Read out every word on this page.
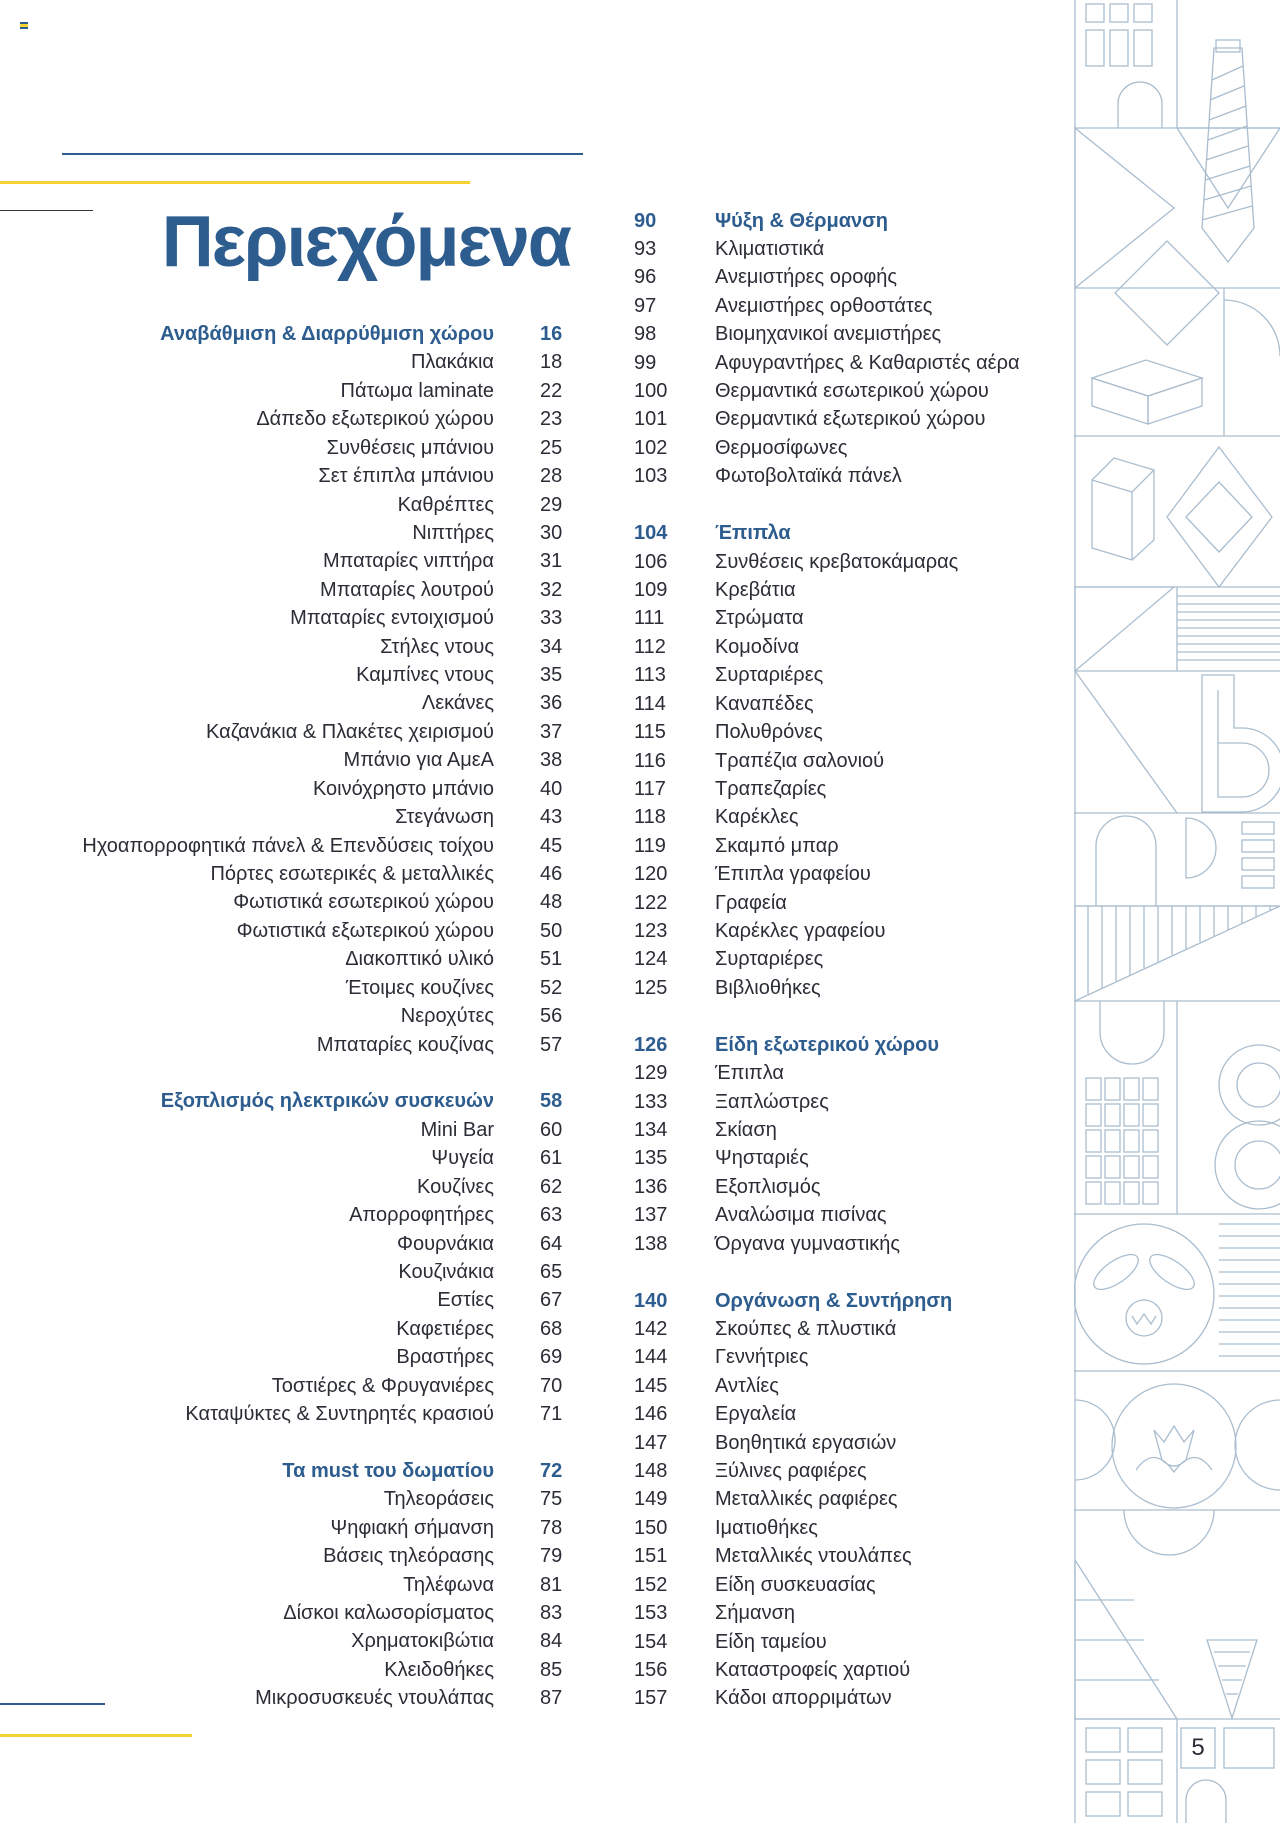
Περιεχόμενα
Αναβάθμιση & Διαρρύθμιση χώρου 16
Πλακάκια 18
Πάτωμα laminate 22
Δάπεδο εξωτερικού χώρου 23
Συνθέσεις μπάνιου 25
Σετ έπιπλα μπάνιου 28
Καθρέπτες 29
Νιπτήρες 30
Μπαταρίες νιπτήρα 31
Μπαταρίες λουτρού 32
Μπαταρίες εντοιχισμού 33
Στήλες ντους 34
Καμπίνες ντους 35
Λεκάνες 36
Καζανάκια & Πλακέτες χειρισμού 37
Μπάνιο για ΑμεΑ 38
Κοινόχρηστο μπάνιο 40
Στεγάνωση 43
Ηχοαπορροφητικά πάνελ & Επενδύσεις τοίχου 45
Πόρτες εσωτερικές & μεταλλικές 46
Φωτιστικά εσωτερικού χώρου 48
Φωτιστικά εξωτερικού χώρου 50
Διακοπτικό υλικό 51
Έτοιμες κουζίνες 52
Νεροχύτες 56
Μπαταρίες κουζίνας 57
Εξοπλισμός ηλεκτρικών συσκευών 58
Mini Bar 60
Ψυγεία 61
Κουζίνες 62
Απορροφητήρες 63
Φουρνάκια 64
Κουζινάκια 65
Εστίες 67
Καφετιέρες 68
Βραστήρες 69
Τοστιέρες & Φρυγανιέρες 70
Καταψύκτες & Συντηρητές κρασιού 71
Τα must του δωματίου 72
Τηλεοράσεις 75
Ψηφιακή σήμανση 78
Βάσεις τηλεόρασης 79
Τηλέφωνα 81
Δίσκοι καλωσορίσματος 83
Χρηματοκιβώτια 84
Κλειδοθήκες 85
Μικροσυσκευές ντουλάπας 87
90	Ψύξη & Θέρμανση
93	Κλιματιστικά
96	Ανεμιστήρες οροφής
97	Ανεμιστήρες ορθοστάτες
98	Βιομηχανικοί ανεμιστήρες
99	Αφυγραντήρες & Καθαριστές αέρα
100	Θερμαντικά εσωτερικού χώρου
101	Θερμαντικά εξωτερικού χώρου
102	Θερμοσίφωνες
103	Φωτοβολταϊκά πάνελ
104	Έπιπλα
106	Συνθέσεις κρεβατοκάμαρας
109	Κρεβάτια
111	Στρώματα
112	Κομοδίνα
113	Συρταριέρες
114	Καναπέδες
115	Πολυθρόνες
116	Τραπέζια σαλονιού
117	Τραπεζαρίες
118	Καρέκλες
119	Σκαμπό μπαρ
120	Έπιπλα γραφείου
122	Γραφεία
123	Καρέκλες γραφείου
124	Συρταριέρες
125	Βιβλιοθήκες
126	Είδη εξωτερικού χώρου
129	Έπιπλα
133	Ξαπλώστρες
134	Σκίαση
135	Ψησταριές
136	Εξοπλισμός
137	Αναλώσιμα πισίνας
138	Όργανα γυμναστικής
140	Οργάνωση & Συντήρηση
142	Σκούπες & πλυστικά
144	Γεννήτριες
145	Αντλίες
146	Εργαλεία
147	Βοηθητικά εργασιών
148	Ξύλινες ραφιέρες
149	Μεταλλικές ραφιέρες
150	Ιματιοθήκες
151	Μεταλλικές ντουλάπες
152	Είδη συσκευασίας
153	Σήμανση
154	Είδη ταμείου
156	Καταστροφείς χαρτιού
157	Κάδοι απορριμάτων
5
